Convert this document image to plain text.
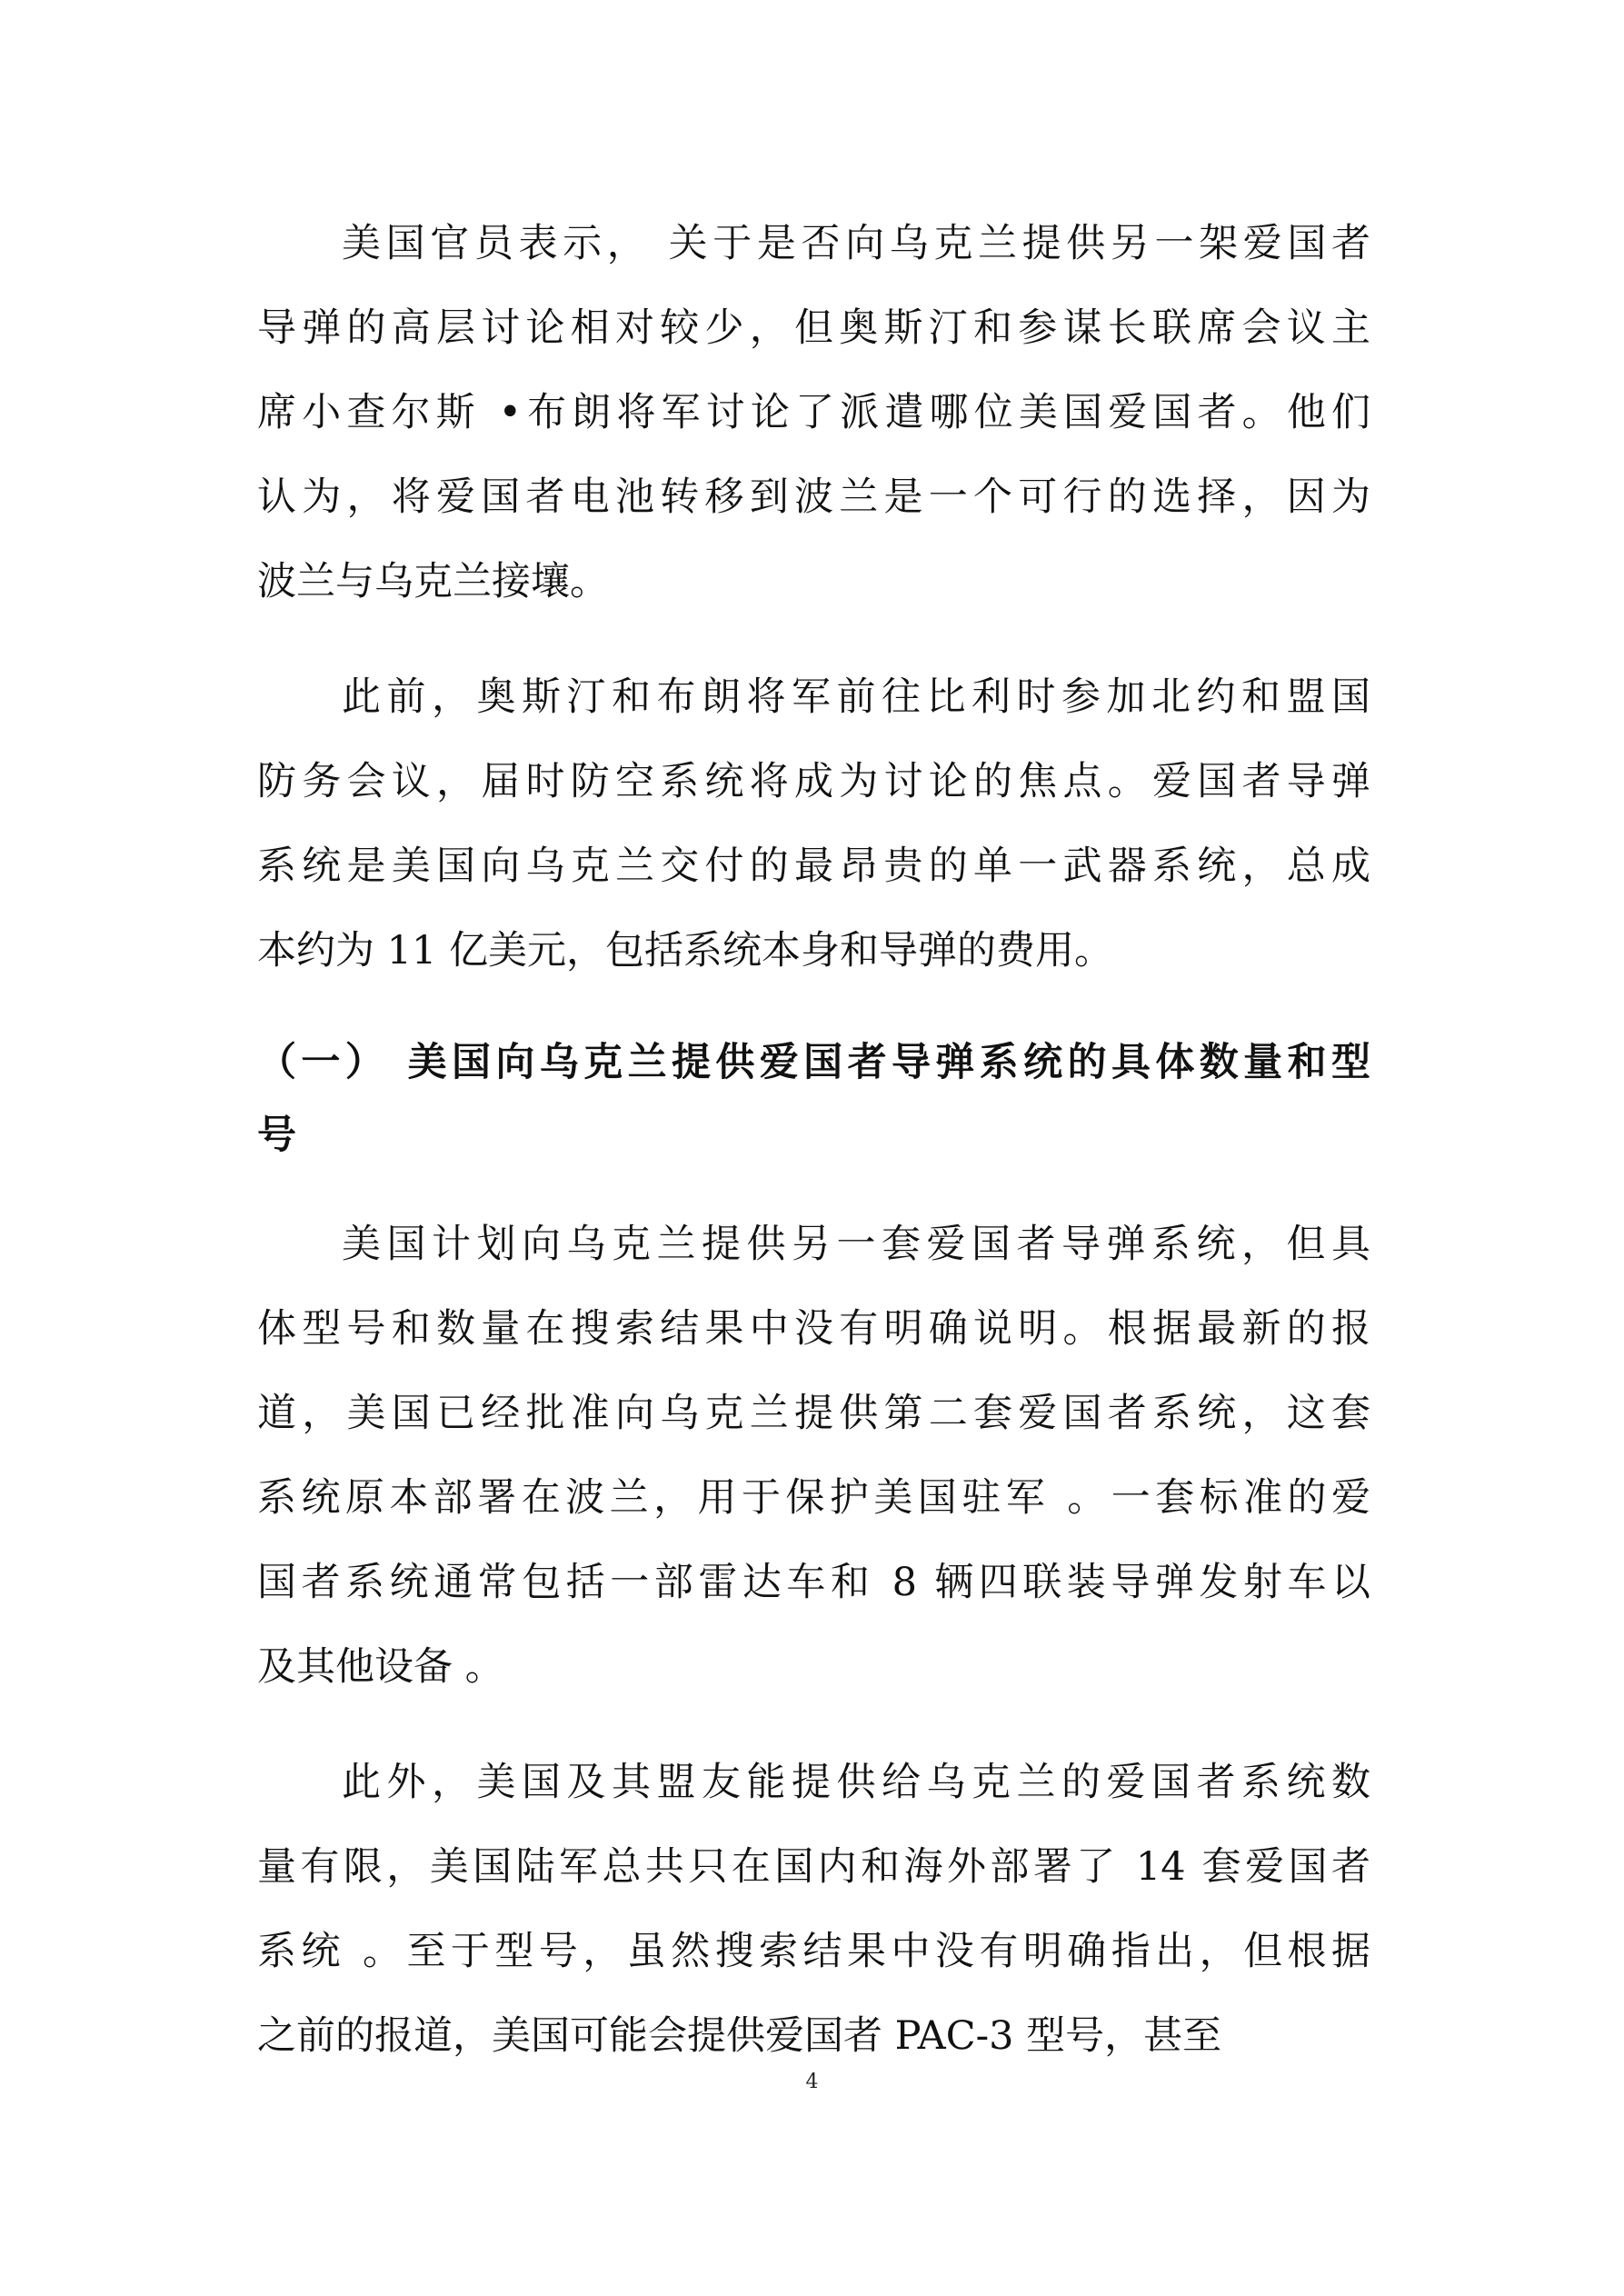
美国官员表示， 关于是否向乌克兰提供另一架爱国者
导弹的高层讨论相对较少，但奥斯汀和参谋长联席会议主
席小查尔斯 •布朗将军讨论了派遣哪位美国爱国者。他们
认为，将爱国者电池转移到波兰是一个可行的选择，因为
波兰与乌克兰接壤。
此前，奥斯汀和布朗将军前往比利时参加北约和盟国
防务会议，届时防空系统将成为讨论的焦点。爱国者导弹
系统是美国向乌克兰交付的最昂贵的单一武器系统，总成
本约为 11 亿美元，包括系统本身和导弹的费用。
（一） 美国向乌克兰提供爱国者导弹系统的具体数量和型
号
美国计划向乌克兰提供另一套爱国者导弹系统，但具
体型号和数量在搜索结果中没有明确说明。根据最新的报
道，美国已经批准向乌克兰提供第二套爱国者系统，这套
系统原本部署在波兰，用于保护美国驻军 。一套标准的爱
国者系统通常包括一部雷达车和 8 辆四联装导弹发射车以
及其他设备 。
此外，美国及其盟友能提供给乌克兰的爱国者系统数
量有限，美国陆军总共只在国内和海外部署了 14 套爱国者
系统 。至于型号，虽然搜索结果中没有明确指出，但根据
之前的报道，美国可能会提供爱国者 PAC-3 型号，甚至
4
